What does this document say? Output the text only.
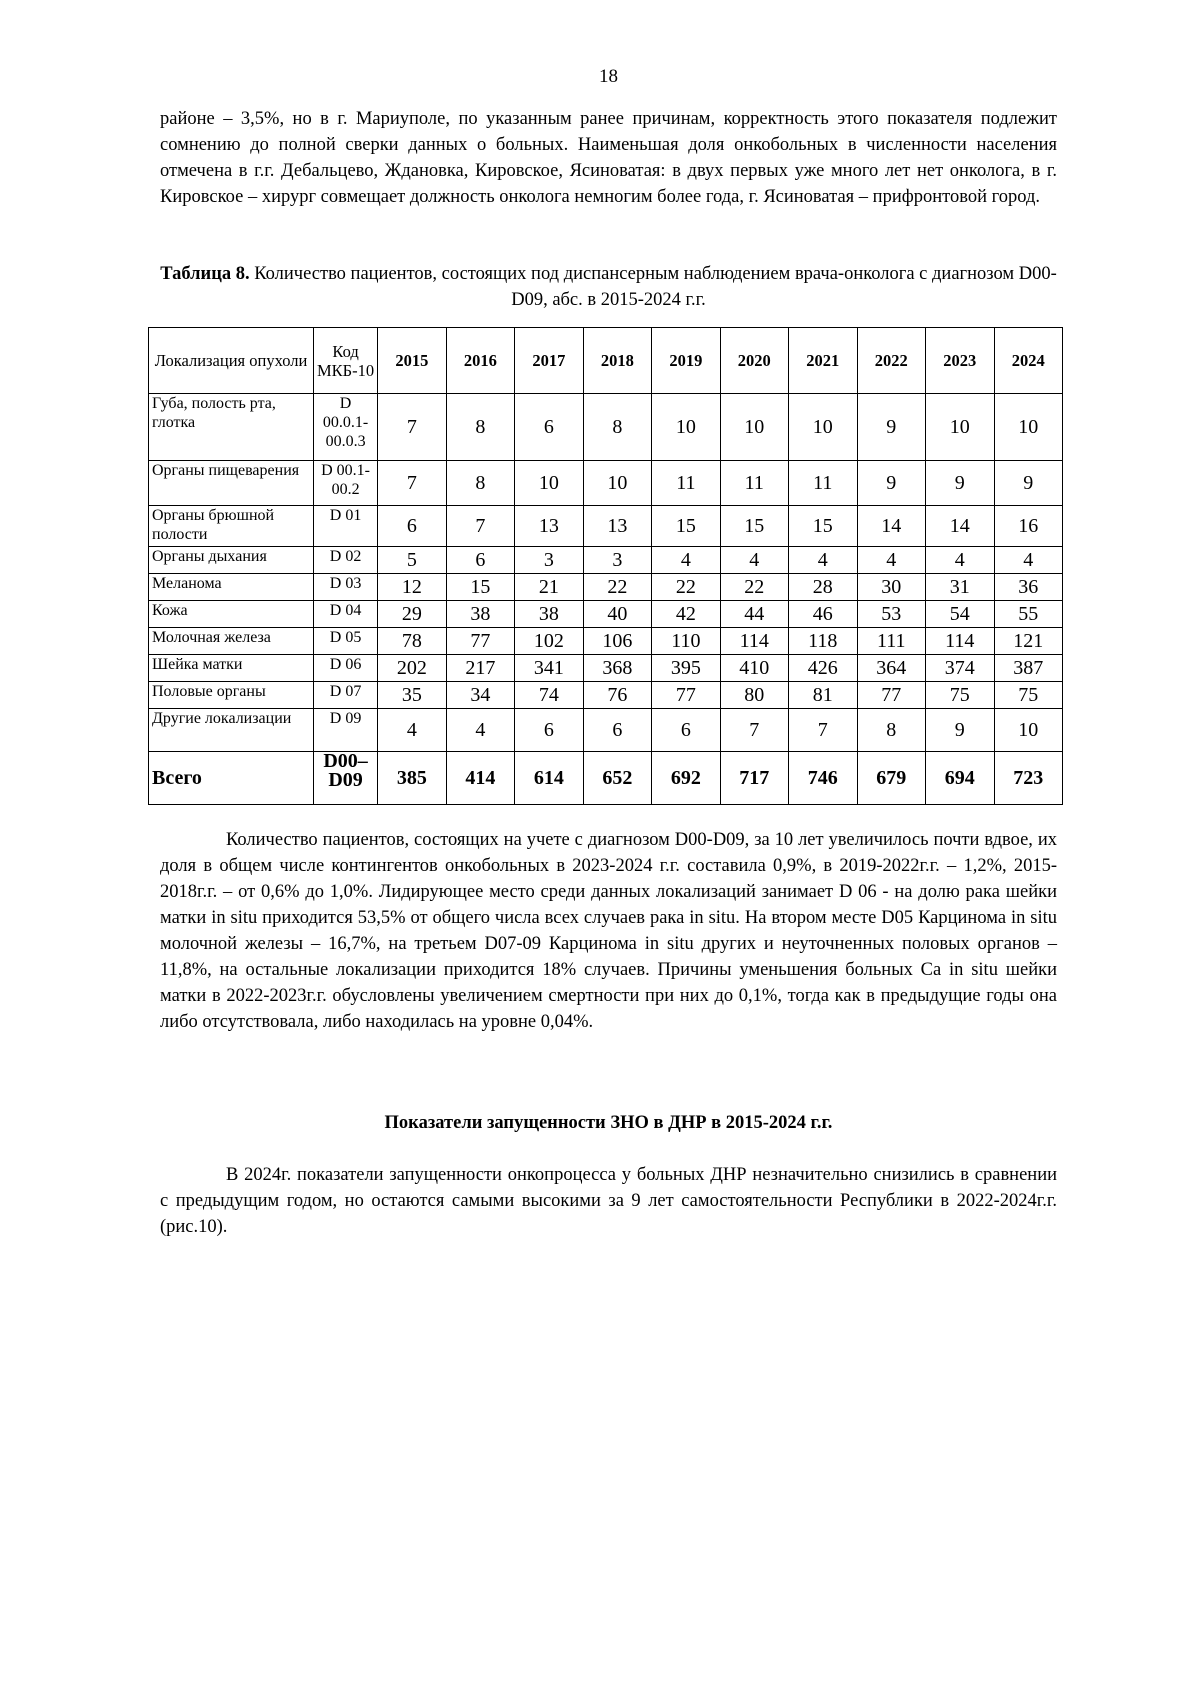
18

районе – 3,5%, но в г. Мариуполе, по указанным ранее причинам, корректность этого показателя подлежит сомнению до полной сверки данных о больных. Наименьшая доля онкобольных в численности населения отмечена в г.г. Дебальцево, Ждановка, Кировское, Ясиноватая: в двух первых уже много лет нет онколога, в г. Кировское – хирург совмещает должность онколога немногим более года, г. Ясиноватая – прифронтовой город.

Таблица 8. Количество пациентов, состоящих под диспансерным наблюдением врача-онколога с диагнозом D00-D09, абс. в 2015-2024 г.г.
Локализация опухоли	Код МКБ-10	2015	2016	2017	2018	2019	2020	2021	2022	2023	2024
Губа, полость рта, глотка	D 00.0.1-00.0.3	7	8	6	8	10	10	10	9	10	10
Органы пищеварения	D 00.1-00.2	7	8	10	10	11	11	11	9	9	9
Органы брюшной полости	D 01	6	7	13	13	15	15	15	14	14	16
Органы дыхания	D 02	5	6	3	3	4	4	4	4	4	4
Меланома	D 03	12	15	21	22	22	22	28	30	31	36
Кожа	D 04	29	38	38	40	42	44	46	53	54	55
Молочная железа	D 05	78	77	102	106	110	114	118	111	114	121
Шейка матки	D 06	202	217	341	368	395	410	426	364	374	387
Половые органы	D 07	35	34	74	76	77	80	81	77	75	75
Другие локализации	D 09	4	4	6	6	6	7	7	8	9	10
Всего	D00–D09	385	414	614	652	692	717	746	679	694	723

Количество пациентов, состоящих на учете с диагнозом D00-D09, за 10 лет увеличилось почти вдвое, их доля в общем числе контингентов онкобольных в 2023-2024 г.г. составила 0,9%, в 2019-2022г.г. – 1,2%, 2015-2018г.г. – от 0,6% до 1,0%. Лидирующее место среди данных локализаций занимает D 06 - на долю рака шейки матки in situ приходится 53,5% от общего числа всех случаев рака in situ. На втором месте D05 Карцинома in situ молочной железы – 16,7%, на третьем D07-09 Карцинома in situ других и неуточненных половых органов – 11,8%, на остальные локализации приходится 18% случаев. Причины уменьшения больных Ca in situ шейки матки в 2022-2023г.г. обусловлены увеличением смертности при них до 0,1%, тогда как в предыдущие годы она либо отсутствовала, либо находилась на уровне 0,04%.

Показатели запущенности ЗНО в ДНР в 2015-2024 г.г.

В 2024г. показатели запущенности онкопроцесса у больных ДНР незначительно снизились в сравнении с предыдущим годом, но остаются самыми высокими за 9 лет самостоятельности Республики в 2022-2024г.г. (рис.10).
